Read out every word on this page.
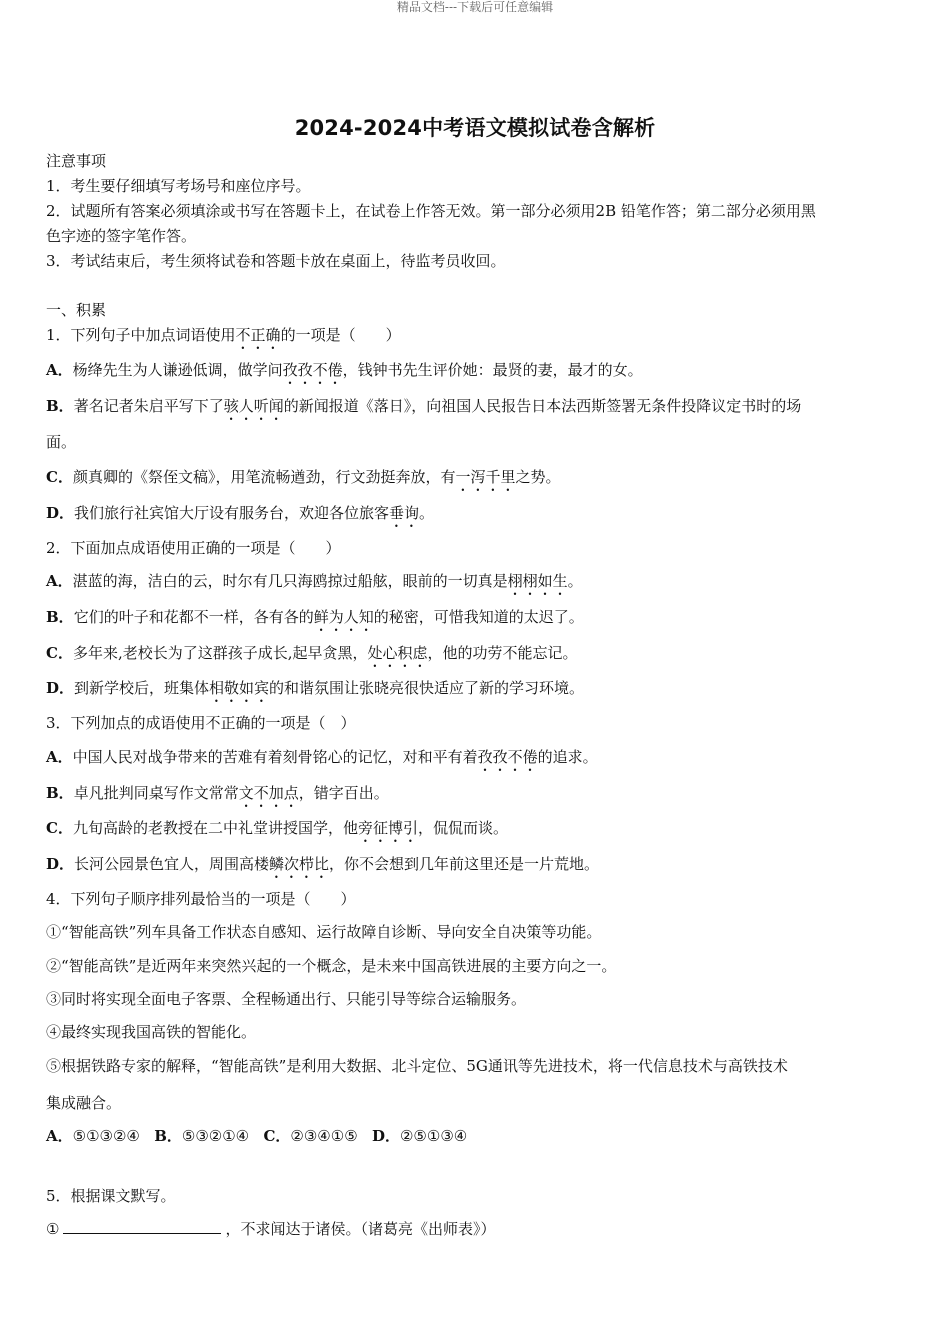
精品文档---下载后可任意编辑
2024-2024中考语文模拟试卷含解析
注意事项
1．考生要仔细填写考场号和座位序号。
2．试题所有答案必须填涂或书写在答题卡上，在试卷上作答无效。第一部分必须用2B 铅笔作答；第二部分必须用黑
色字迹的签字笔作答。
3．考试结束后，考生须将试卷和答题卡放在桌面上，待监考员收回。
一、积累
1．下列句子中加点词语使用不正确的一项是（　　）
A．杨绛先生为人谦逊低调，做学问孜孜不倦，钱钟书先生评价她：最贤的妻，最才的女。
B．著名记者朱启平写下了骇人听闻的新闻报道《落日》，向祖国人民报告日本法西斯签署无条件投降议定书时的场
面。
C．颜真卿的《祭侄文稿》，用笔流畅遒劲，行文劲挺奔放，有一泻千里之势。
D．我们旅行社宾馆大厅设有服务台，欢迎各位旅客垂询。
2．下面加点成语使用正确的一项是（　　）
A．湛蓝的海，洁白的云，时尔有几只海鸥掠过船舷，眼前的一切真是栩栩如生。
B．它们的叶子和花都不一样，各有各的鲜为人知的秘密，可惜我知道的太迟了。
C．多年来,老校长为了这群孩子成长,起早贪黑，处心积虑，他的功劳不能忘记。
D．到新学校后，班集体相敬如宾的和谐氛围让张晓亮很快适应了新的学习环境。
3．下列加点的成语使用不正确的一项是（　）
A．中国人民对战争带来的苦难有着刻骨铭心的记忆，对和平有着孜孜不倦的追求。
B．卓凡批判同桌写作文常常文不加点，错字百出。
C．九旬高龄的老教授在二中礼堂讲授国学，他旁征博引，侃侃而谈。
D．长河公园景色宜人，周围高楼鳞次栉比，你不会想到几年前这里还是一片荒地。
4．下列句子顺序排列最恰当的一项是（　　）
①“智能高铁”列车具备工作状态自感知、运行故障自诊断、导向安全自决策等功能。
②“智能高铁”是近两年来突然兴起的一个概念，是未来中国高铁进展的主要方向之一。
③同时将实现全面电子客票、全程畅通出行、只能引导等综合运输服务。
④最终实现我国高铁的智能化。
⑤根据铁路专家的解释，“智能高铁”是利用大数据、北斗定位、5G通讯等先进技术，将一代信息技术与高铁技术
集成融合。
A．⑤①③②④ B．⑤③②①④ C．②③④①⑤ D．②⑤①③④
5．根据课文默写。
①	，不求闻达于诸侯。（诸葛亮《出师表》）
